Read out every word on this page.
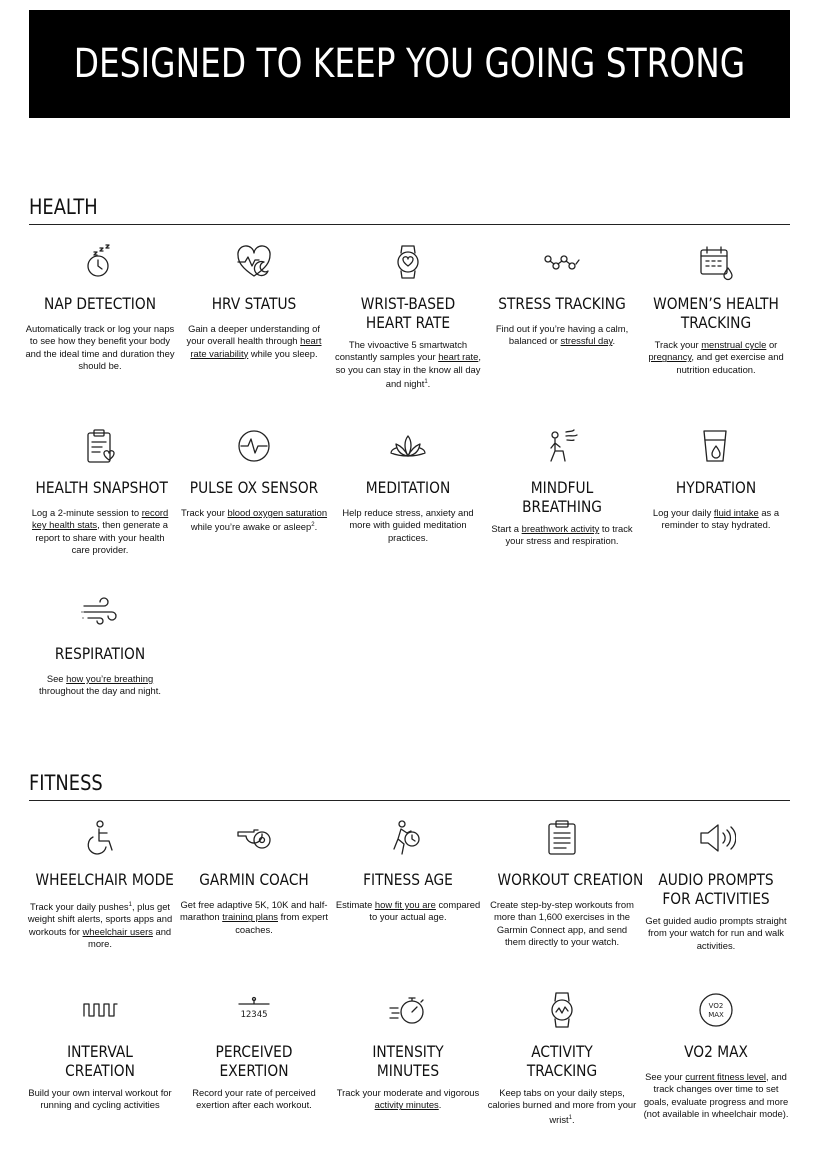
DESIGNED TO KEEP YOU GOING STRONG
HEALTH
FITNESS
NAP DETECTION

Automatically track or log your naps to see how they benefit your body and the ideal time and duration they should be.

HRV STATUS

Gain a deeper understanding of your overall health through heart rate variability while you sleep.

WRIST-BASED HEART RATE

The vivoactive 5 smartwatch constantly samples your heart rate, so you can stay in the know all day and night$^1$.

STRESS TRACKING

Find out if you’re having a calm, balanced or stressful day.

WOMEN’S HEALTH TRACKING

Track your menstrual cycle or pregnancy, and get exercise and nutrition education.

HEALTH SNAPSHOT

Log a 2-minute session to record key health stats, then generate a report to share with your health care provider.

PULSE OX SENSOR

Track your blood oxygen saturation while you’re awake or asleep$^2$.

MEDITATION

Help reduce stress, anxiety and more with guided meditation practices.

MINDFUL BREATHING

Start a breathwork activity to track your stress and respiration.

HYDRATION

Log your daily fluid intake as a reminder to stay hydrated.

RESPIRATION

See how you’re breathing throughout the day and night.

WHEELCHAIR MODE

Track your daily pushes$^1$, plus get weight shift alerts, sports apps and workouts for wheelchair users and more.

GARMIN COACH

Get free adaptive 5K, 10K and half-marathon training plans from expert coaches.

FITNESS AGE

Estimate how fit you are compared to your actual age.

WORKOUT CREATION

Create step-by-step workouts from more than 1,600 exercises in the Garmin Connect app, and send them directly to your watch.

AUDIO PROMPTS FOR ACTIVITIES

Get guided audio prompts straight from your watch for run and walk activities.

INTERVAL CREATION

Build your own interval workout for running and cycling activities

12345
PERCEIVED EXERTION

Record your rate of perceived exertion after each workout.

INTENSITY MINUTES

Track your moderate and vigorous activity minutes.

ACTIVITY TRACKING

Keep tabs on your daily steps, calories burned and more from your wrist$^1$.

VO2
MAX
VO2 MAX

See your current fitness level, and track changes over time to set goals, evaluate progress and more (not available in wheelchair mode).
